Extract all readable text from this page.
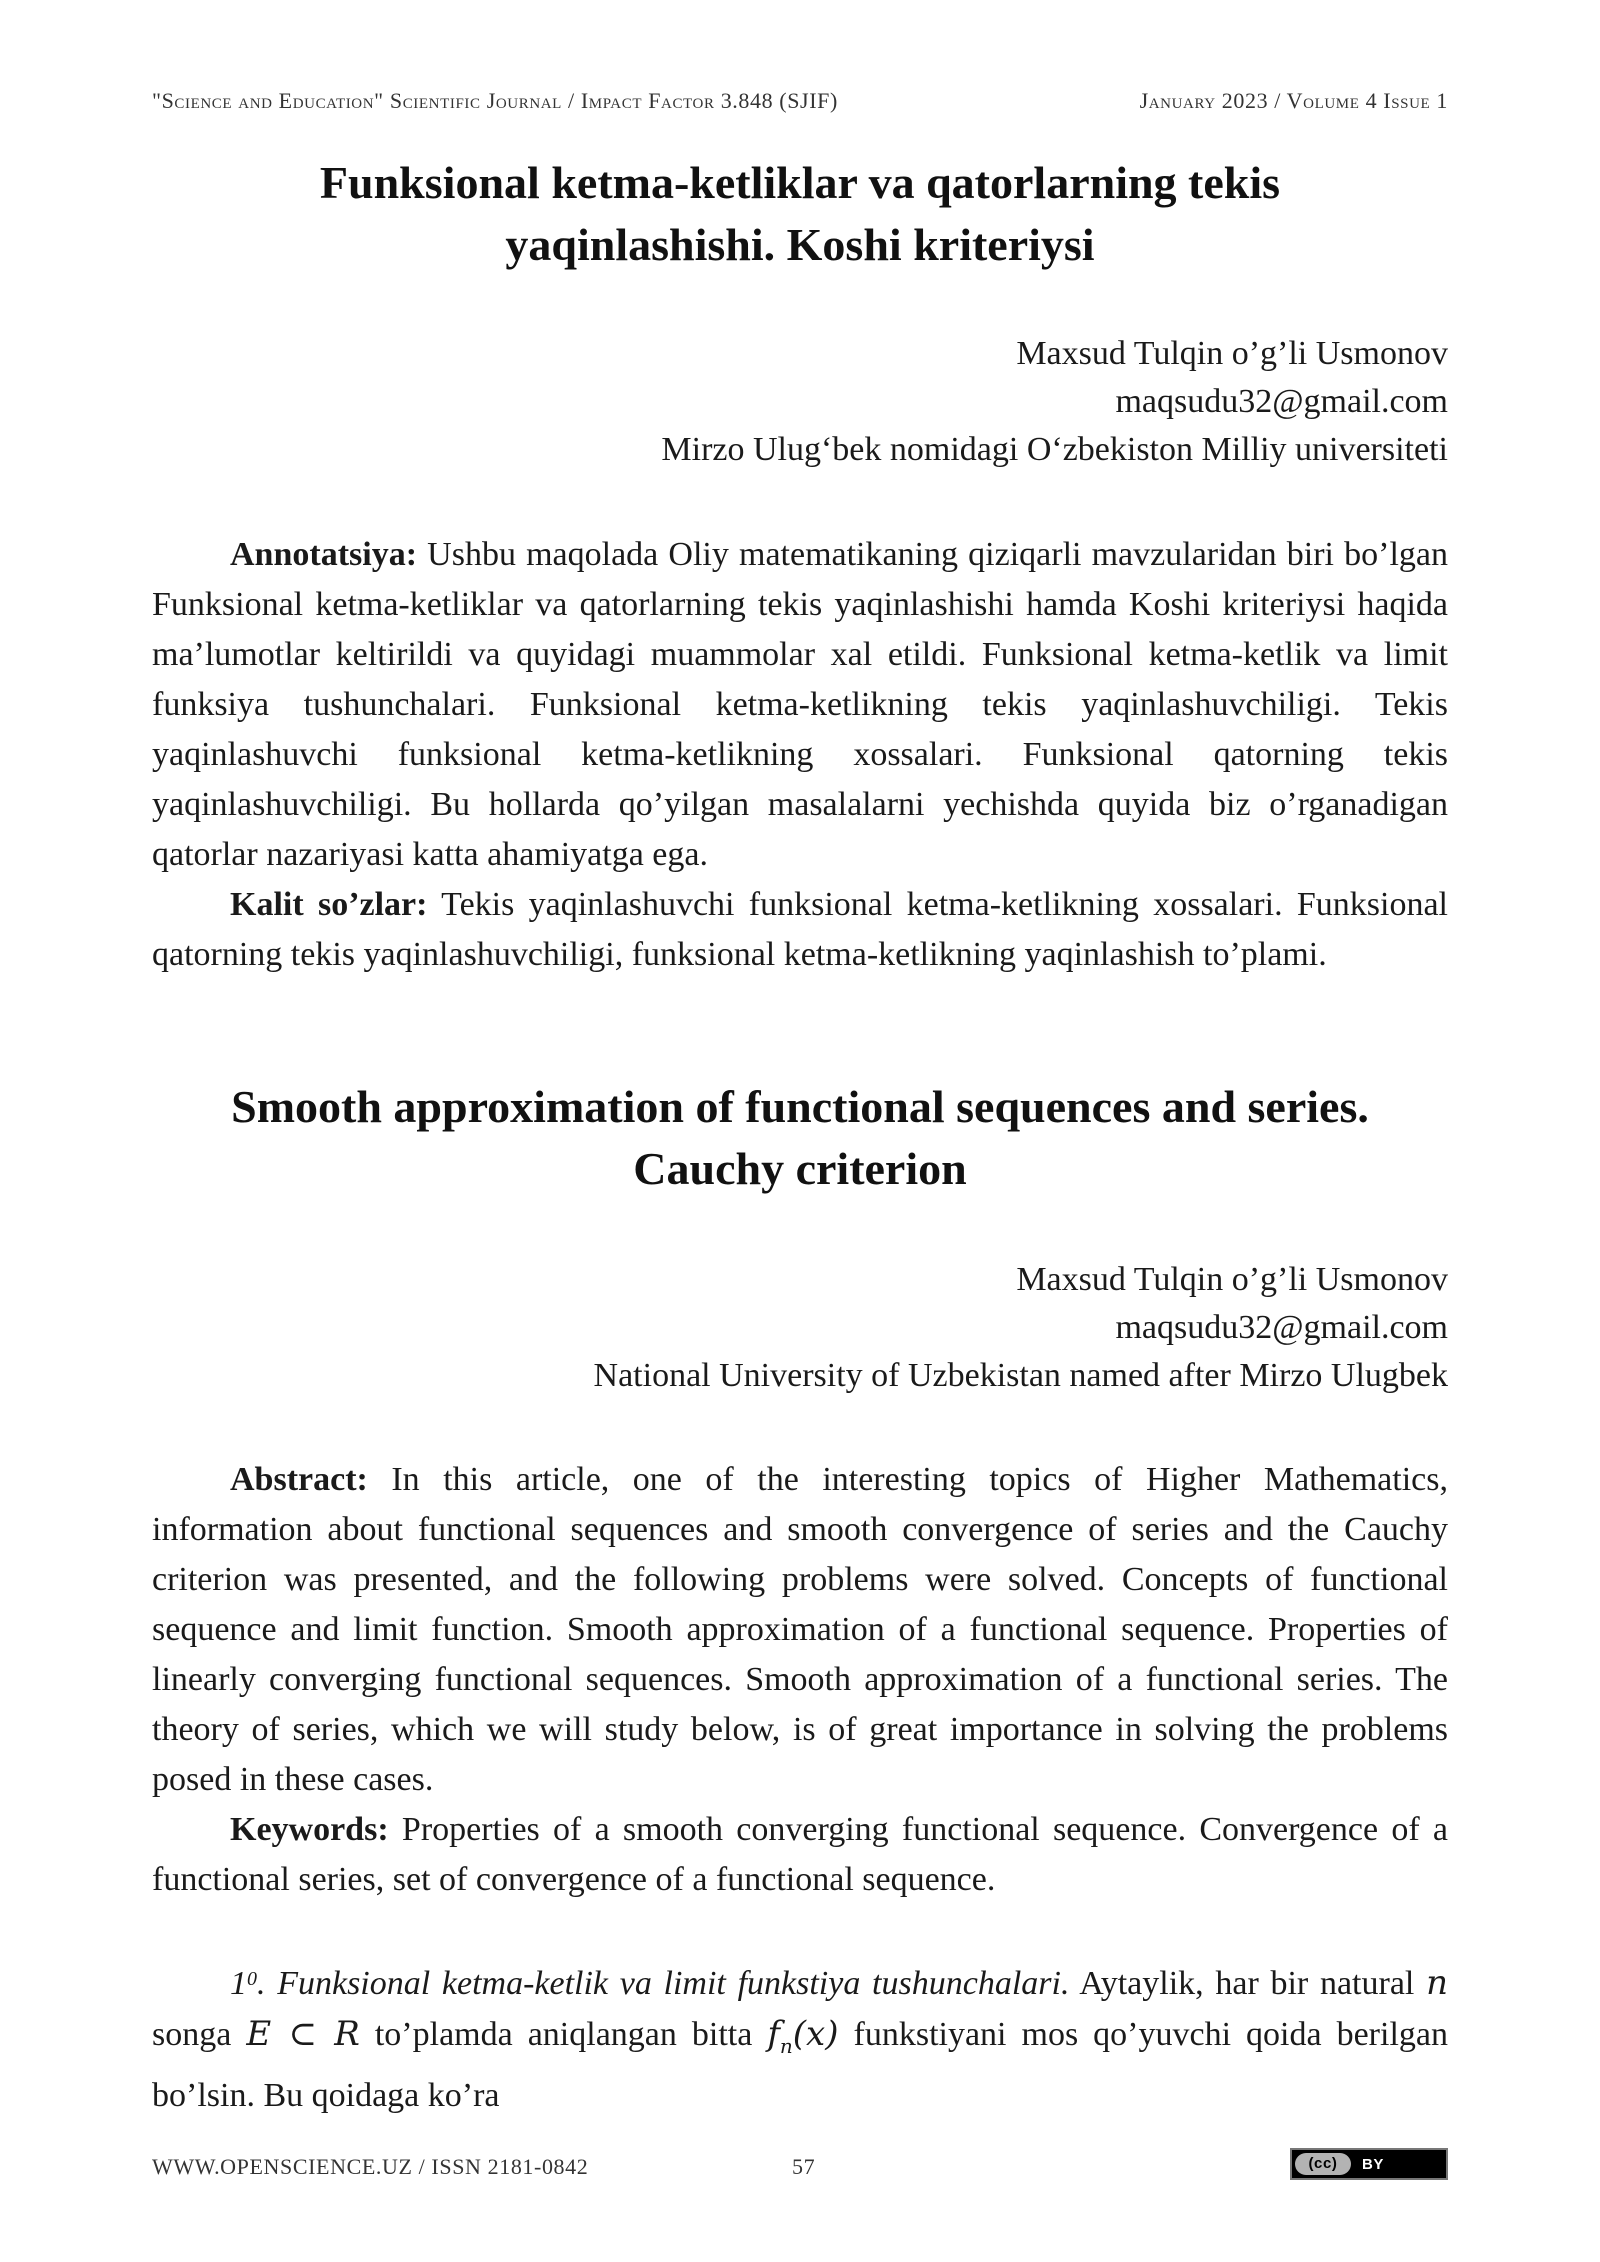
"Science and Education" Scientific Journal / Impact Factor 3.848 (SJIF)	January 2023 / Volume 4 Issue 1
Funksional ketma-ketliklar va qatorlarning tekis
yaqinlashishi. Koshi kriteriysi
Maxsud Tulqin o’g’li Usmonov
maqsudu32@gmail.com
Mirzo Ulug‘bek nomidagi O‘zbekiston Milliy universiteti
Annotatsiya: Ushbu maqolada Oliy matematikaning qiziqarli mavzularidan biri bo’lgan Funksional ketma-ketliklar va qatorlarning tekis yaqinlashishi hamda Koshi kriteriysi haqida ma’lumotlar keltirildi va quyidagi muammolar xal etildi. Funksional ketma-ketlik va limit funksiya tushunchalari. Funksional ketma-ketlikning tekis yaqinlashuvchiligi. Tekis yaqinlashuvchi funksional ketma-ketlikning xossalari. Funksional qatorning tekis yaqinlashuvchiligi. Bu hollarda qo’yilgan masalalarni yechishda quyida biz o’rganadigan qatorlar nazariyasi katta ahamiyatga ega.
Kalit so’zlar: Tekis yaqinlashuvchi funksional ketma-ketlikning xossalari. Funksional qatorning tekis yaqinlashuvchiligi, funksional ketma-ketlikning yaqinlashish to’plami.
Smooth approximation of functional sequences and series.
Cauchy criterion
Maxsud Tulqin o’g’li Usmonov
maqsudu32@gmail.com
National University of Uzbekistan named after Mirzo Ulugbek
Abstract: In this article, one of the interesting topics of Higher Mathematics, information about functional sequences and smooth convergence of series and the Cauchy criterion was presented, and the following problems were solved. Concepts of functional sequence and limit function. Smooth approximation of a functional sequence. Properties of linearly converging functional sequences. Smooth approximation of a functional series. The theory of series, which we will study below, is of great importance in solving the problems posed in these cases.
Keywords: Properties of a smooth converging functional sequence. Convergence of a functional series, set of convergence of a functional sequence.
$1^0$. Funksional ketma-ketlik va limit funkstiya tushunchalari. Aytaylik, har bir natural n songa E ⊂ R to’plamda aniqlangan bitta $f_n(x)$ funkstiyani mos qo’yuvchi qoida berilgan bo’lsin. Bu qoidaga ko’ra
WWW.OPENSCIENCE.UZ / ISSN 2181-0842	57	(cc)	BY
